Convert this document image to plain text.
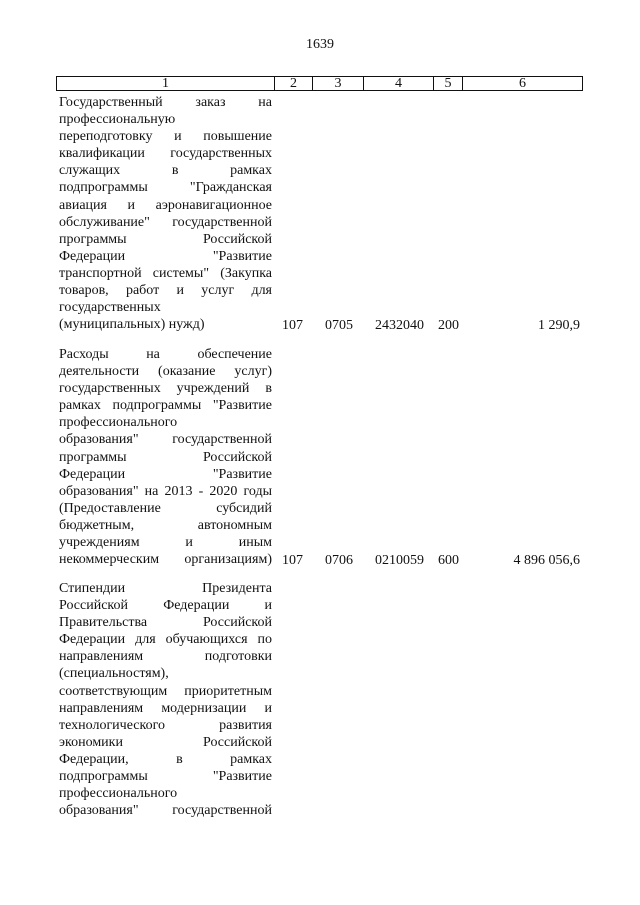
1639
1	2	3	4	5	6
Государственный заказ на
профессиональную
переподготовку и повышение
квалификации государственных
служащих в рамках
подпрограммы "Гражданская
авиация и аэронавигационное
обслуживание" государственной
программы Российской
Федерации "Развитие
транспортной системы" (Закупка
товаров, работ и услуг для
государственных
(муниципальных) нужд)	107 0705 2432040 200	1 290,9
Расходы на обеспечение
деятельности (оказание услуг)
государственных учреждений в
рамках подпрограммы "Развитие
профессионального
образования" государственной
программы Российской
Федерации "Развитие
образования" на 2013 - 2020 годы
(Предоставление субсидий
бюджетным, автономным
учреждениям и иным
некоммерческим организациям) 107 0706 0210059 600	4 896 056,6
Стипендии Президента
Российской Федерации и
Правительства Российской
Федерации для обучающихся по
направлениям подготовки
(специальностям),
соответствующим приоритетным
направлениям модернизации и
технологического развития
экономики Российской
Федерации, в рамках
подпрограммы "Развитие
профессионального
образования" государственной
